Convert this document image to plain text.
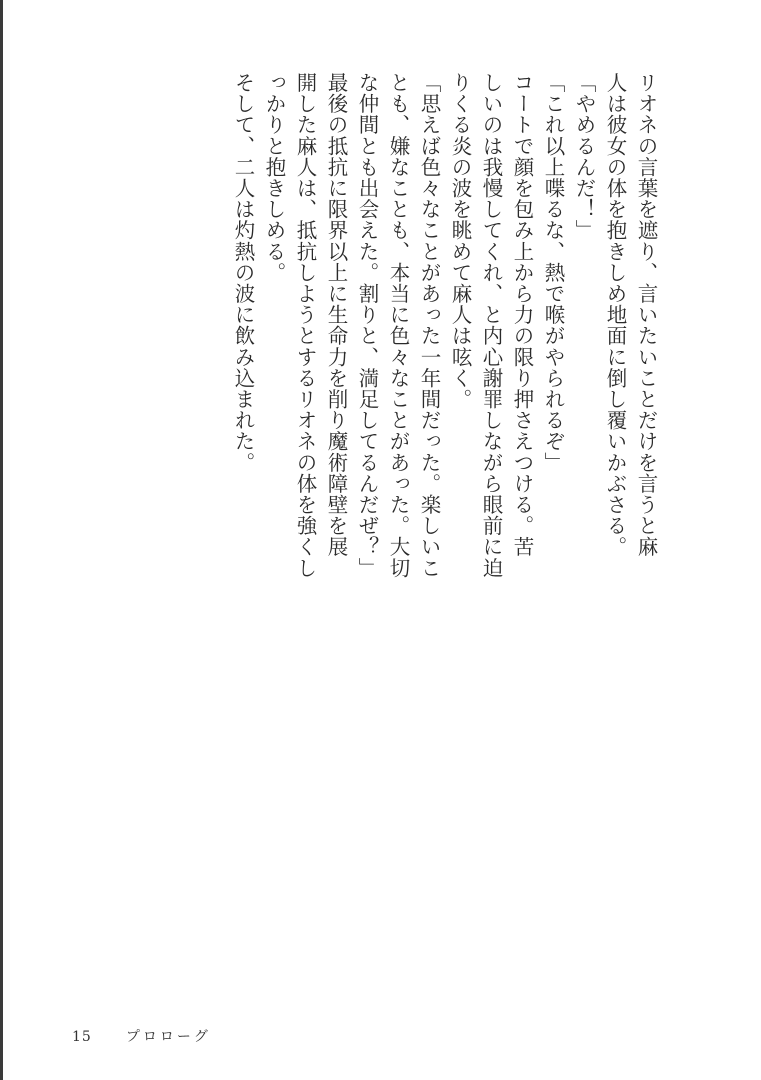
リオネの言葉を遮り、言いたいことだけを言うと麻
人は彼女の体を抱きしめ地面に倒し覆いかぶさる。
「やめるんだ！」
「これ以上喋るな、熱で喉がやられるぞ」
コートで顔を包み上から力の限り押さえつける。苦
しいのは我慢してくれ、と内心謝罪しながら眼前に迫
りくる炎の波を眺めて麻人は呟く。
「思えば色々なことがあった一年間だった。楽しいこ
とも、嫌なことも、本当に色々なことがあった。大切
な仲間とも出会えた。割りと、満足してるんだぜ？」
最後の抵抗に限界以上に生命力を削り魔術障壁を展
開した麻人は、抵抗しようとするリオネの体を強くし
っかりと抱きしめる。
そして、二人は灼熱の波に飲み込まれた。
15 プロローグ
